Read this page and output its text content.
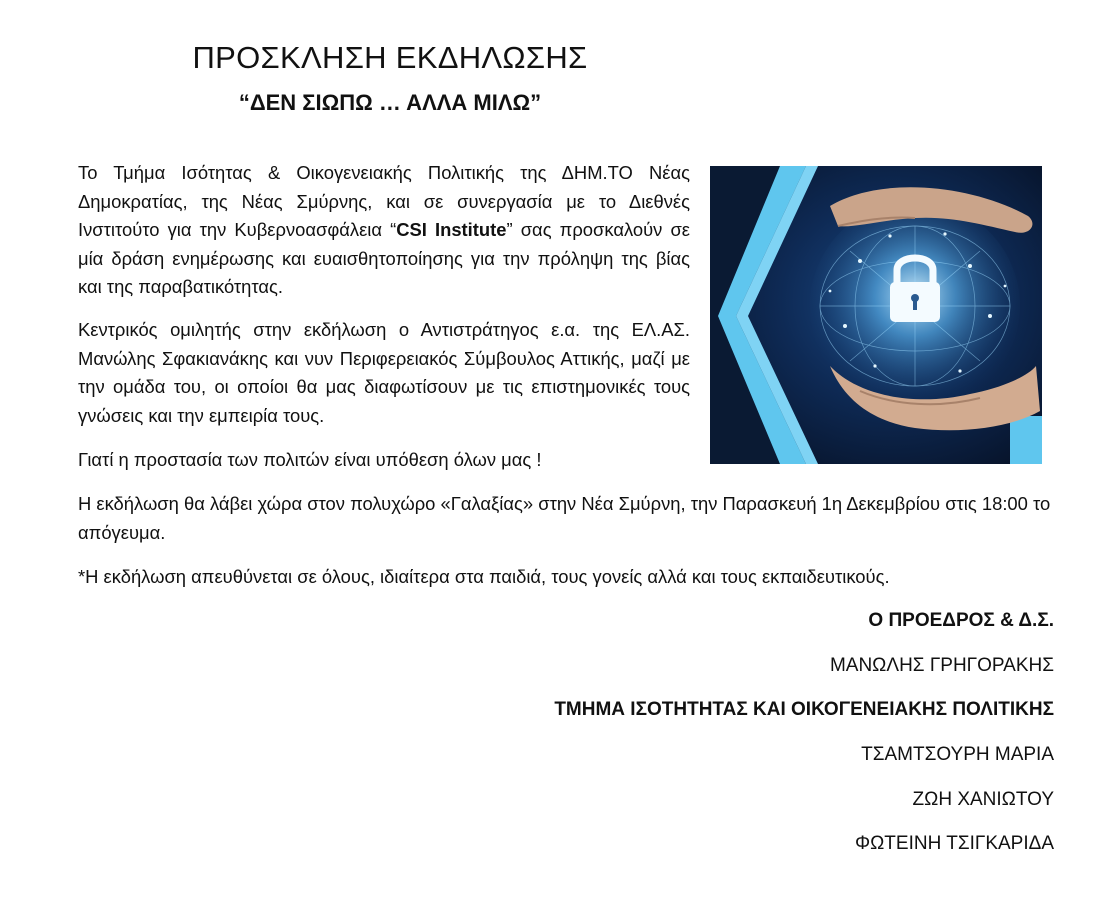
ΠΡΟΣΚΛΗΣΗ ΕΚΔΗΛΩΣΗΣ
“ΔΕΝ ΣΙΩΠΩ … ΑΛΛΑ ΜΙΛΩ”

Το Τμήμα Ισότητας & Οικογενειακής Πολιτικής της ΔΗΜ.ΤΟ Νέας Δημοκρατίας, της Νέας Σμύρνης, και σε συνεργασία με το Διεθνές Ινστιτούτο για την Κυβερνοασφάλεια “CSI Institute” σας προσκαλούν σε μία δράση ενημέρωσης και ευαισθητοποίησης για την πρόληψη της βίας και της παραβατικότητας.

Κεντρικός ομιλητής στην εκδήλωση ο Αντιστράτηγος ε.α. της ΕΛ.ΑΣ. Μανώλης Σφακιανάκης και νυν Περιφερειακός Σύμβουλος Αττικής, μαζί με την ομάδα του, οι οποίοι θα μας διαφωτίσουν με τις επιστημονικές τους γνώσεις και την εμπειρία τους.

Γιατί η προστασία των πολιτών είναι υπόθεση όλων μας !

Η εκδήλωση θα λάβει χώρα στον πολυχώρο «Γαλαξίας» στην Νέα Σμύρνη, την Παρασκευή 1η Δεκεμβρίου στις 18:00 το απόγευμα.

*Η εκδήλωση απευθύνεται σε όλους, ιδιαίτερα στα παιδιά, τους γονείς αλλά και τους εκπαιδευτικούς.

Ο ΠΡΟΕΔΡΟΣ & Δ.Σ.
ΜΑΝΩΛΗΣ ΓΡΗΓΟΡΑΚΗΣ
ΤΜΗΜΑ ΙΣΟΤΗΤΗΤΑΣ ΚΑΙ ΟΙΚΟΓΕΝΕΙΑΚΗΣ ΠΟΛΙΤΙΚΗΣ
ΤΣΑΜΤΣΟΥΡΗ ΜΑΡΙΑ
ΖΩΗ ΧΑΝΙΩΤΟΥ
ΦΩΤΕΙΝΗ ΤΣΙΓΚΑΡΙΔΑ
